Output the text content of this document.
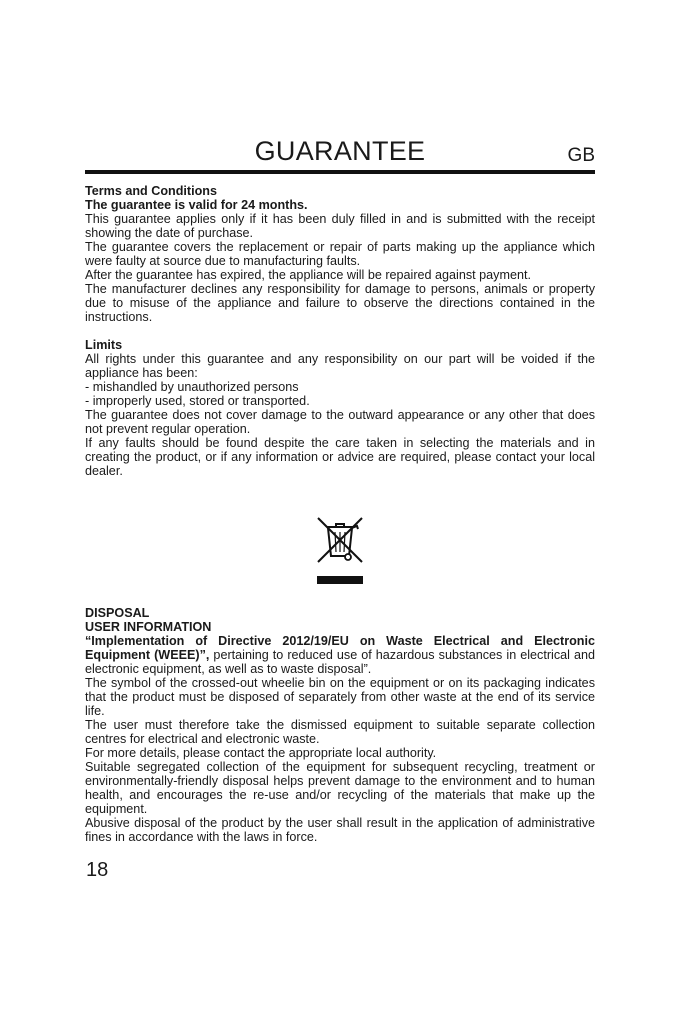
GUARANTEE	GB

Terms and Conditions

The guarantee is valid for 24 months.

This guarantee applies only if it has been duly filled in and is submitted with the receipt showing the date of purchase.

The guarantee covers the replacement or repair of parts making up the appliance which were faulty at source due to manufacturing faults.

After the guarantee has expired, the appliance will be repaired against payment.

The manufacturer declines any responsibility for damage to persons, animals or property due to misuse of the appliance and failure to observe the directions contained in the instructions.

Limits

All rights under this guarantee and any responsibility on our part will be voided if the appliance has been:

- mishandled by unauthorized persons

- improperly used, stored or transported.

The guarantee does not cover damage to the outward appearance or any other that does not prevent regular operation.

If any faults should be found despite the care taken in selecting the materials and in creating the product, or if any information or advice are required, please contact your local dealer.

DISPOSAL

USER INFORMATION

“Implementation of Directive 2012/19/EU on Waste Electrical and Electronic Equipment (WEEE)”, pertaining to reduced use of hazardous substances in electrical and electronic equipment, as well as to waste disposal”.

The symbol of the crossed-out wheelie bin on the equipment or on its packaging indicates that the product must be disposed of separately from other waste at the end of its service life.

The user must therefore take the dismissed equipment to suitable separate collection centres for electrical and electronic waste.

For more details, please contact the appropriate local authority.

Suitable segregated collection of the equipment for subsequent recycling, treatment or environmentally-friendly disposal helps prevent damage to the environment and to human health, and encourages the re-use and/or recycling of the materials that make up the equipment.

Abusive disposal of the product by the user shall result in the application of administrative fines in accordance with the laws in force.

18
